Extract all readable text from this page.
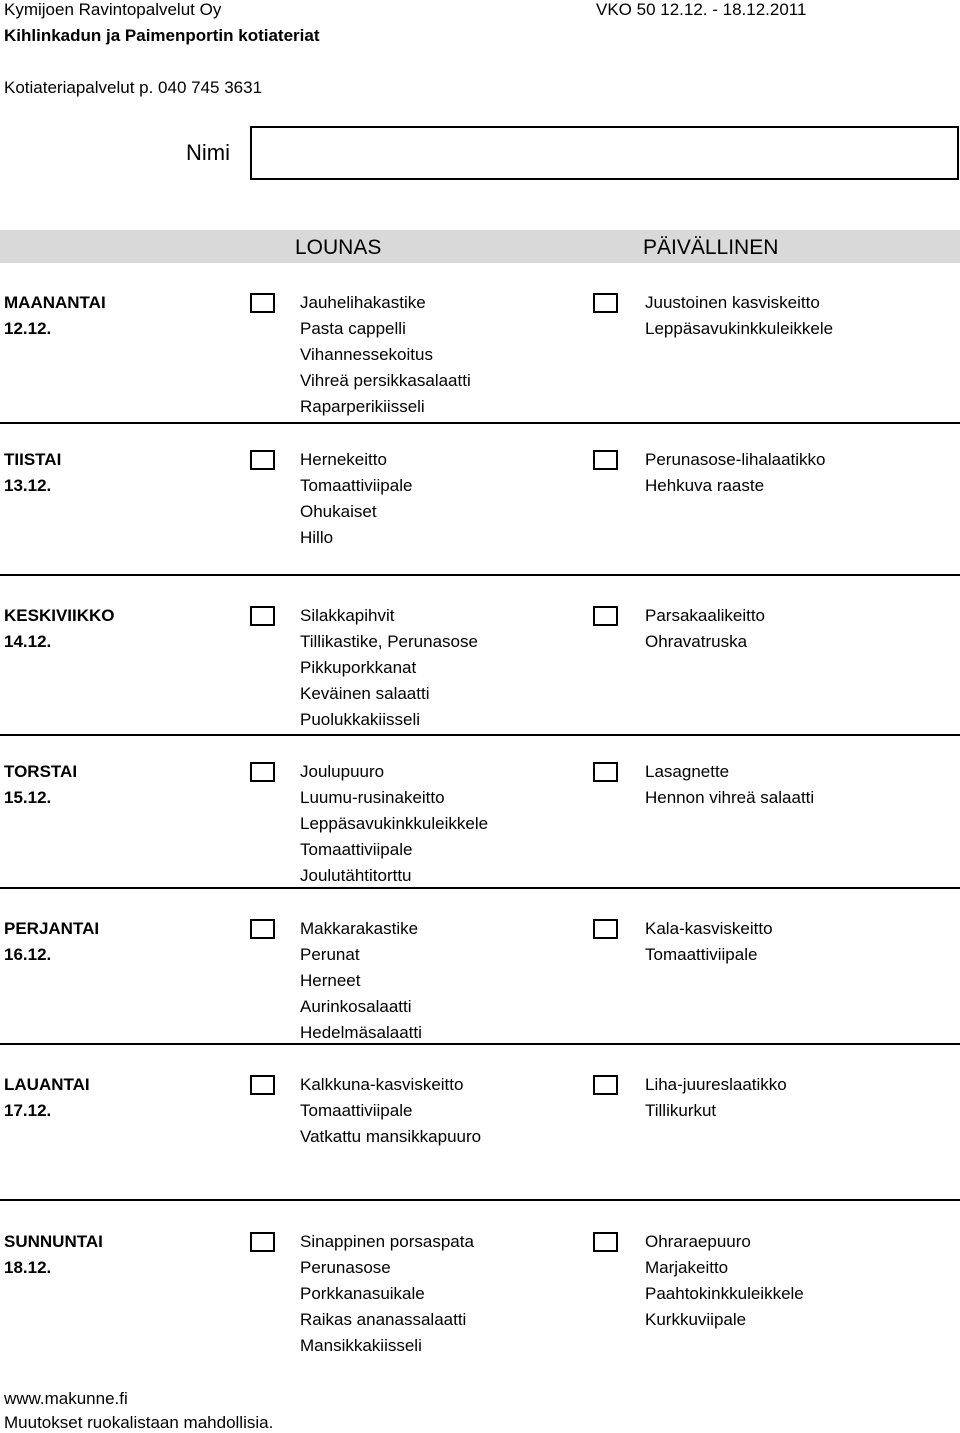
Kymijoen Ravintopalvelut Oy	VKO 50 12.12. - 18.12.2011
Kihlinkadun ja Paimenportin kotiateriat
Kotiateriapalvelut p. 040 745 3631
Nimi
LOUNAS	PÄIVÄLLINEN
MAANANTAI
12.12.
Jauhelihakastike
Pasta cappelli
Vihannessekoitus
Vihreä persikkasalaatti
Raparperikiisseli
Juustoinen kasviskeitto
Leppäsavukinkkuleikkele
TIISTAI
13.12.
Hernekeitto
Tomaattiviipale
Ohukaiset
Hillo
Perunasose-lihalaatikko
Hehkuva raaste
KESKIVIIKKO
14.12.
Silakkapihvit
Tillikastike, Perunasose
Pikkuporkkanat
Keväinen salaatti
Puolukkakiisseli
Parsakaalikeitto
Ohravatruska
TORSTAI
15.12.
Joulupuuro
Luumu-rusinakeitto
Leppäsavukinkkuleikkele
Tomaattiviipale
Joulutähtitorttu
Lasagnette
Hennon vihreä salaatti
PERJANTAI
16.12.
Makkarakastike
Perunat
Herneet
Aurinkosalaatti
Hedelmäsalaatti
Kala-kasviskeitto
Tomaattiviipale
LAUANTAI
17.12.
Kalkkuna-kasviskeitto
Tomaattiviipale
Vatkattu mansikkapuuro
Liha-juureslaatikko
Tillikurkut
SUNNUNTAI
18.12.
Sinappinen porsaspata
Perunasose
Porkkanasuikale
Raikas ananassalaatti
Mansikkakiisseli
Ohraraepuuro
Marjakeitto
Paahtokinkkuleikkele
Kurkkuviipale
www.makunne.fi
Muutokset ruokalistaan mahdollisia.
